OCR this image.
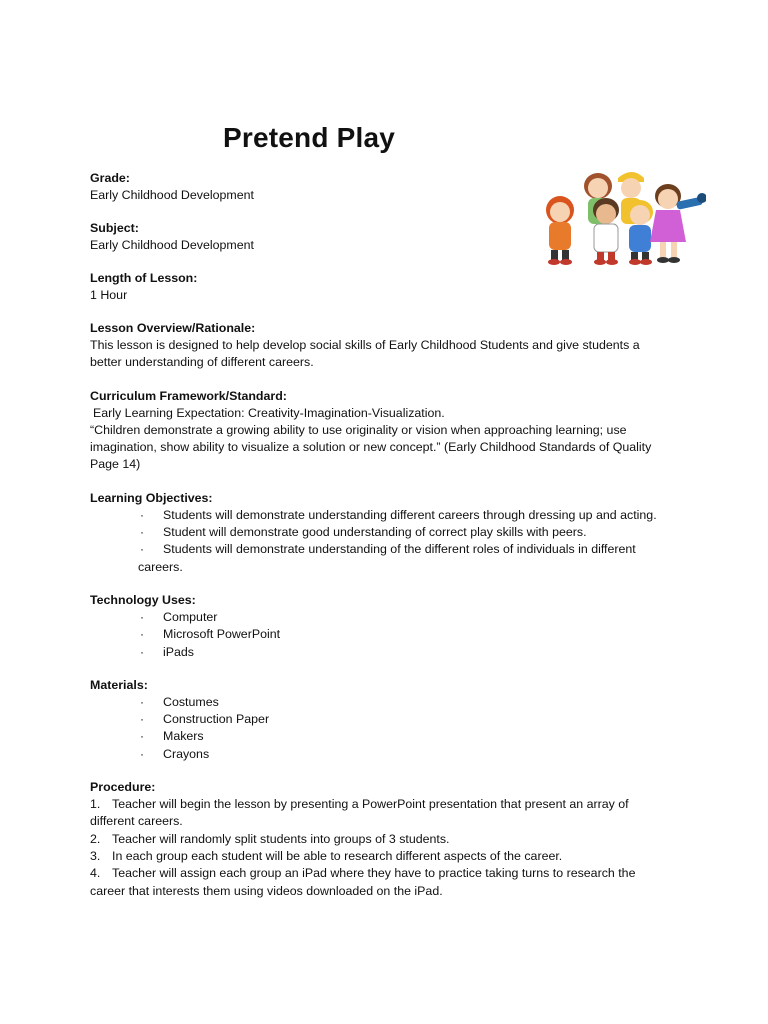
Pretend Play
Grade:
Early Childhood Development
Subject:
Early Childhood Development
Length of Lesson:
1 Hour
Lesson Overview/Rationale:
This lesson is designed to help develop social skills of Early Childhood Students and give students a
better understanding of different careers.
Curriculum Framework/Standard:
Early Learning Expectation: Creativity-Imagination-Visualization.
“Children demonstrate a growing ability to use originality or vision when approaching learning; use
imagination, show ability to visualize a solution or new concept.” (Early Childhood Standards of Quality
Page 14)
Learning Objectives:
· Students will demonstrate understanding different careers through dressing up and acting.
· Student will demonstrate good understanding of correct play skills with peers.
· Students will demonstrate understanding of the different roles of individuals in different
careers.
Technology Uses:
· Computer
· Microsoft PowerPoint
· iPads
Materials:
· Costumes
· Construction Paper
· Makers
· Crayons
Procedure:
1. Teacher will begin the lesson by presenting a PowerPoint presentation that present an array of
different careers.
2. Teacher will randomly split students into groups of 3 students.
3. In each group each student will be able to research different aspects of the career.
4. Teacher will assign each group an iPad where they have to practice taking turns to research the
career that interests them using videos downloaded on the iPad.
